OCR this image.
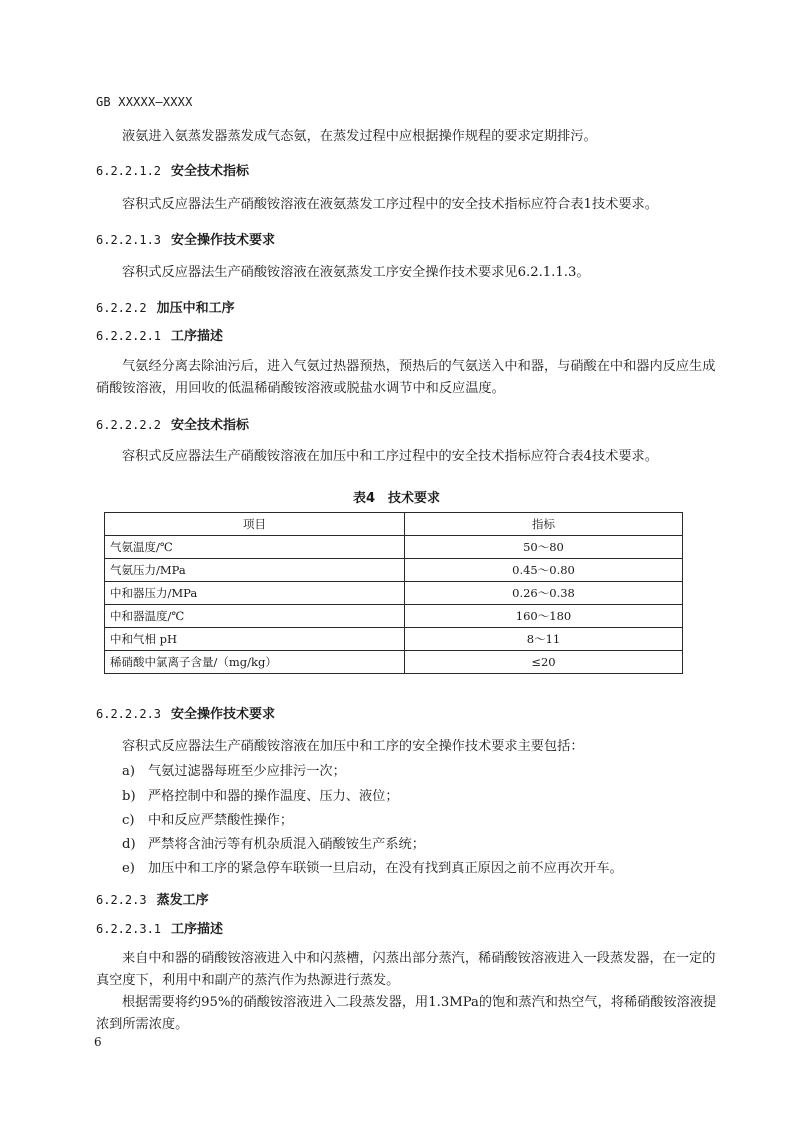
GB XXXXX—XXXX
液氨进入氨蒸发器蒸发成气态氨，在蒸发过程中应根据操作规程的要求定期排污。
6.2.2.1.2 安全技术指标
容积式反应器法生产硝酸铵溶液在液氨蒸发工序过程中的安全技术指标应符合表1技术要求。
6.2.2.1.3 安全操作技术要求
容积式反应器法生产硝酸铵溶液在液氨蒸发工序安全操作技术要求见6.2.1.1.3。
6.2.2.2 加压中和工序
6.2.2.2.1 工序描述
气氨经分离去除油污后，进入气氨过热器预热，预热后的气氨送入中和器，与硝酸在中和器内反应生成硝酸铵溶液，用回收的低温稀硝酸铵溶液或脱盐水调节中和反应温度。
6.2.2.2.2 安全技术指标
容积式反应器法生产硝酸铵溶液在加压中和工序过程中的安全技术指标应符合表4技术要求。
表4　技术要求
项目	指标
气氨温度/℃	50～80
气氨压力/MPa	0.45～0.80
中和器压力/MPa	0.26～0.38
中和器温度/℃	160～180
中和气相 pH	8～11
稀硝酸中氯离子含量/（mg/kg）	≤20
6.2.2.2.3 安全操作技术要求
容积式反应器法生产硝酸铵溶液在加压中和工序的安全操作技术要求主要包括：
a) 气氨过滤器每班至少应排污一次；
b) 严格控制中和器的操作温度、压力、液位；
c) 中和反应严禁酸性操作；
d) 严禁将含油污等有机杂质混入硝酸铵生产系统；
e) 加压中和工序的紧急停车联锁一旦启动，在没有找到真正原因之前不应再次开车。
6.2.2.3 蒸发工序
6.2.2.3.1 工序描述
来自中和器的硝酸铵溶液进入中和闪蒸槽，闪蒸出部分蒸汽，稀硝酸铵溶液进入一段蒸发器，在一定的真空度下，利用中和副产的蒸汽作为热源进行蒸发。
根据需要将约95%的硝酸铵溶液进入二段蒸发器，用1.3MPa的饱和蒸汽和热空气，将稀硝酸铵溶液提浓到所需浓度。
6
